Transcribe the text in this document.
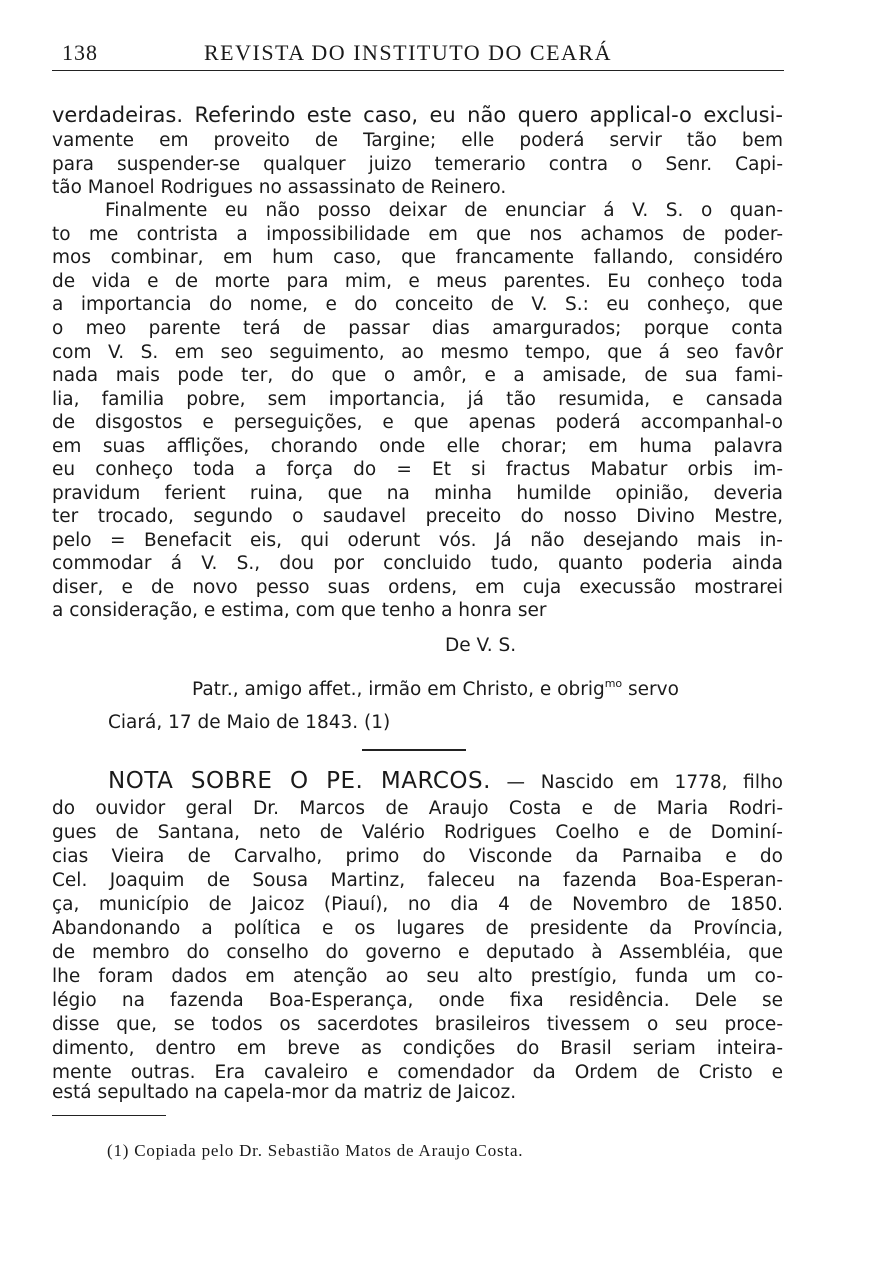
138	REVISTA DO INSTITUTO DO CEARÁ
verdadeiras. Referindo este caso, eu não quero applical-o exclusi-
vamente em proveito de Targine; elle poderá servir tão bem
para suspender-se qualquer juizo temerario contra o Senr. Capi-
tão Manoel Rodrigues no assassinato de Reinero.
Finalmente eu não posso deixar de enunciar á V. S. o quan-
to me contrista a impossibilidade em que nos achamos de poder-
mos combinar, em hum caso, que francamente fallando, considéro
de vida e de morte para mim, e meus parentes. Eu conheço toda
a importancia do nome, e do conceito de V. S.: eu conheço, que
o meo parente terá de passar dias amargurados; porque conta
com V. S. em seo seguimento, ao mesmo tempo, que á seo favôr
nada mais pode ter, do que o amôr, e a amisade, de sua fami-
lia, familia pobre, sem importancia, já tão resumida, e cansada
de disgostos e perseguições, e que apenas poderá accompanhal-o
em suas afflições, chorando onde elle chorar; em huma palavra
eu conheço toda a força do = Et si fractus Mabatur orbis im-
pravidum ferient ruina, que na minha humilde opinião, deveria
ter trocado, segundo o saudavel preceito do nosso Divino Mestre,
pelo = Benefacit eis, qui oderunt vós. Já não desejando mais in-
commodar á V. S., dou por concluido tudo, quanto poderia ainda
diser, e de novo pesso suas ordens, em cuja execussão mostrarei
a consideração, e estima, com que tenho a honra ser
De V. S.
Patr., amigo affet., irmão em Christo, e obrig$^{mo}$ servo
Ciará, 17 de Maio de 1843. (1)
NOTA SOBRE O PE. MARCOS. — Nascido em 1778, filho
do ouvidor geral Dr. Marcos de Araujo Costa e de Maria Rodri-
gues de Santana, neto de Valério Rodrigues Coelho e de Dominí-
cias Vieira de Carvalho, primo do Visconde da Parnaiba e do
Cel. Joaquim de Sousa Martinz, faleceu na fazenda Boa-Esperan-
ça, município de Jaicoz (Piauí), no dia 4 de Novembro de 1850.
Abandonando a política e os lugares de presidente da Província,
de membro do conselho do governo e deputado à Assembléia, que
lhe foram dados em atenção ao seu alto prestígio, funda um co-
légio na fazenda Boa-Esperança, onde fixa residência. Dele se
disse que, se todos os sacerdotes brasileiros tivessem o seu proce-
dimento, dentro em breve as condições do Brasil seriam inteira-
mente outras. Era cavaleiro e comendador da Ordem de Cristo e
está sepultado na capela-mor da matriz de Jaicoz.
(1) Copiada pelo Dr. Sebastião Matos de Araujo Costa.
